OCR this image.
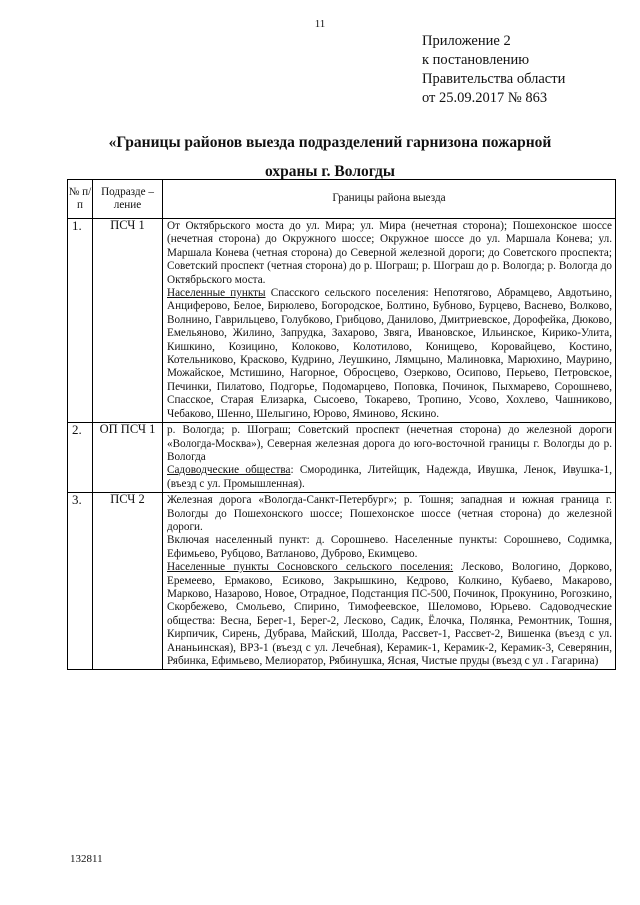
11
Приложение 2
к постановлению
Правительства области
от 25.09.2017 № 863
«Границы районов выезда подразделений гарнизона пожарной
охраны г. Вологды
№ п/п	Подразде – ление	Границы района выезда
1.	ПСЧ 1	От Октябрьского моста до ул. Мира; ул. Мира (нечетная сторона); Пошехонское шоссе (нечетная сторона) до Окружного шоссе; Окружное шоссе до ул. Маршала Конева; ул. Маршала Конева (четная сторона) до Северной железной дороги; до Советского проспекта; Советский проспект (четная сторона) до р. Шограш; р. Шограш до р. Вологда; р. Вологда до Октябрьского моста.

Населенные пункты Спасского сельского поселения: Непотягово, Абрамцево, Авдотьино, Анциферово, Белое, Бирюлево, Богородское, Болтино, Бубново, Бурцево, Васнево, Волково, Волнино, Гаврильцево, Голубково, Грибцово, Данилово, Дмитриевское, Дорофейка, Дюково, Емельяново, Жилино, Запрудка, Захарово, Звяга, Ивановское, Ильинское, Кирико-Улита, Кишкино, Козицино, Колоково, Колотилово, Конищево, Коровайцево, Костино, Котельниково, Красково, Кудрино, Леушкино, Лямцыно, Малиновка, Марюхино, Маурино, Можайское, Мстишино, Нагорное, Обросцево, Озерково, Осипово, Перьево, Петровское, Печинки, Пилатово, Подгорье, Подомарцево, Поповка, Починок, Пыхмарево, Сорошнево, Спасское, Старая Елизарка, Сысоево, Токарево, Тропино, Усово, Хохлево, Чашниково, Чебаково, Шенно, Шелыгино, Юрово, Яминово, Яскино.

2.	ОП ПСЧ 1	р. Вологда; р. Шограш; Советский проспект (нечетная сторона) до железной дороги «Вологда-Москва»), Северная железная дорога до юго-восточной границы г. Вологды до р. Вологда

Садоводческие общества: Смородинка, Литейщик, Надежда, Ивушка, Ленок, Ивушка-1, (въезд с ул. Промышленная).

3.	ПСЧ 2	Железная дорога «Вологда-Санкт-Петербург»; р. Тошня; западная и южная граница г. Вологды до Пошехонского шоссе; Пошехонское шоссе (четная сторона) до железной дороги.

Включая населенный пункт: д. Сорошнево. Населенные пункты: Сорошнево, Содимка, Ефимьево, Рубцово, Ватланово, Дуброво, Екимцево.

Населенные пункты Сосновского сельского поселения: Лесково, Вологино, Дорково, Еремеево, Ермаково, Есиково, Закрышкино, Кедрово, Колкино, Кубаево, Макарово, Марково, Назарово, Новое, Отрадное, Подстанция ПС-500, Починок, Прокунино, Рогозкино, Скорбежево, Смольево, Спирино, Тимофеевское, Шеломово, Юрьево. Садоводческие общества: Весна, Берег-1, Берег-2, Лесково, Садик, Ёлочка, Полянка, Ремонтник, Тошня, Кирпичик, Сирень, Дубрава, Майский, Шолда, Рассвет-1, Рассвет-2, Вишенка (въезд с ул. Ананьинская), ВРЗ-1 (въезд с ул. Лечебная), Керамик-1, Керамик-2, Керамик-3, Северянин, Рябинка, Ефимьево, Мелиоратор, Рябинушка, Ясная, Чистые пруды (въезд с ул . Гагарина)

132811
